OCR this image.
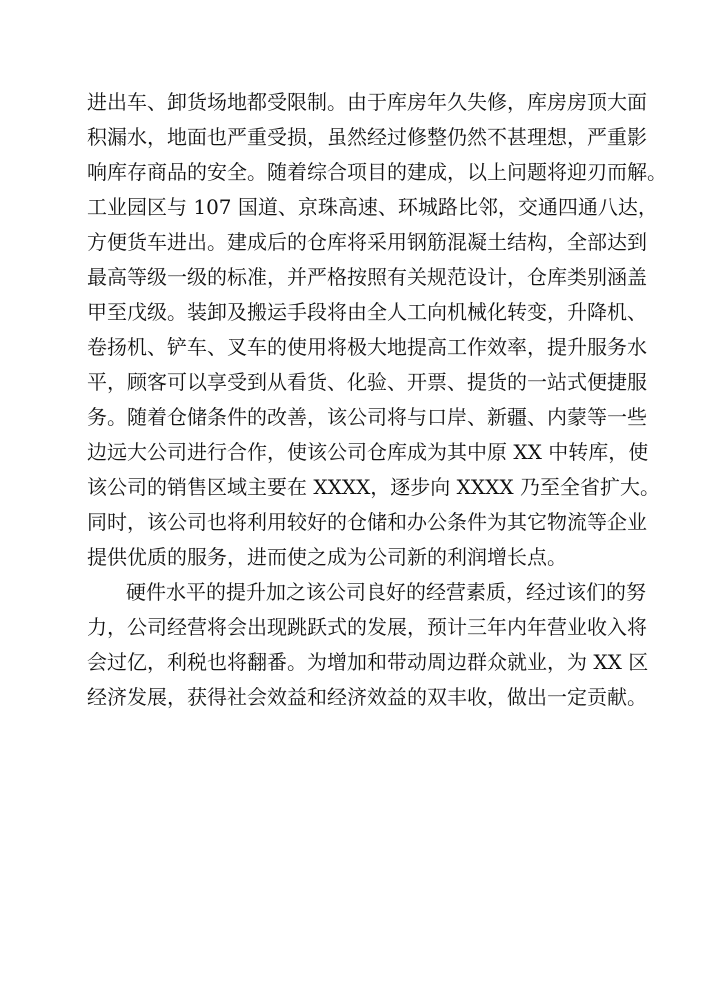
进出车、卸货场地都受限制。由于库房年久失修，库房房顶大面
积漏水，地面也严重受损，虽然经过修整仍然不甚理想，严重影
响库存商品的安全。随着综合项目的建成，以上问题将迎刃而解。
工业园区与 107 国道、京珠高速、环城路比邻，交通四通八达，
方便货车进出。建成后的仓库将采用钢筋混凝土结构，全部达到
最高等级一级的标准，并严格按照有关规范设计，仓库类别涵盖
甲至戊级。装卸及搬运手段将由全人工向机械化转变，升降机、
卷扬机、铲车、叉车的使用将极大地提高工作效率，提升服务水
平，顾客可以享受到从看货、化验、开票、提货的一站式便捷服
务。随着仓储条件的改善，该公司将与口岸、新疆、内蒙等一些
边远大公司进行合作，使该公司仓库成为其中原 XX 中转库，使
该公司的销售区域主要在 XXXX，逐步向 XXXX 乃至全省扩大。
同时，该公司也将利用较好的仓储和办公条件为其它物流等企业
提供优质的服务，进而使之成为公司新的利润增长点。
硬件水平的提升加之该公司良好的经营素质，经过该们的努
力，公司经营将会出现跳跃式的发展，预计三年内年营业收入将
会过亿，利税也将翻番。为增加和带动周边群众就业，为 XX 区
经济发展，获得社会效益和经济效益的双丰收，做出一定贡献。
